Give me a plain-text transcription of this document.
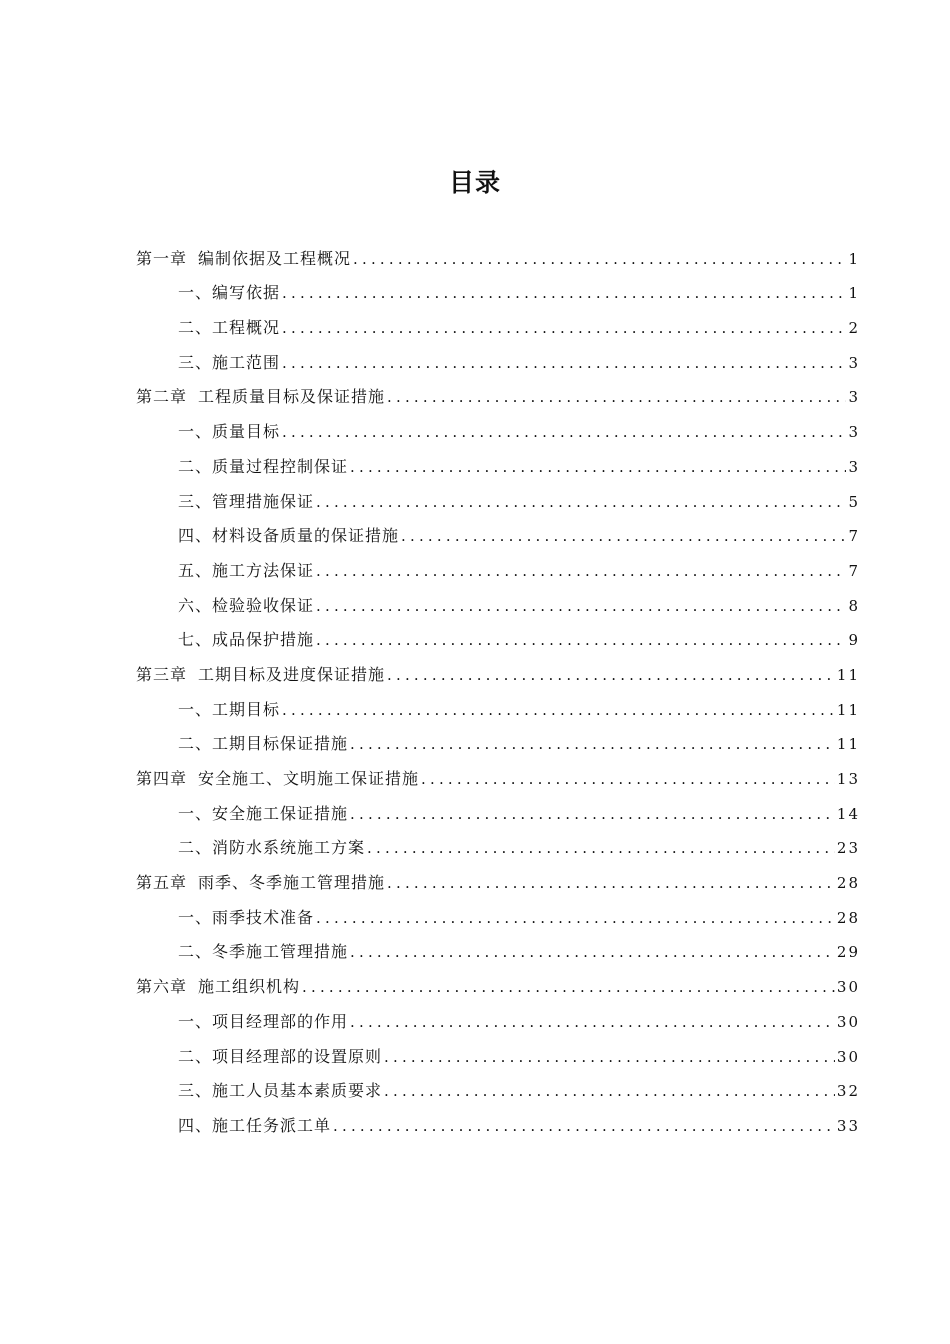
目录
第一章 编制依据及工程概况 .....	1
一、编写依据 .....	1
二、工程概况 .....	2
三、施工范围 .....	3
第二章 工程质量目标及保证措施 .....	3
一、质量目标 .....	3
二、质量过程控制保证 .....	3
三、管理措施保证 .....	5
四、材料设备质量的保证措施 .....	7
五、施工方法保证 .....	7
六、检验验收保证 .....	8
七、成品保护措施 .....	9
第三章 工期目标及进度保证措施 .....	11
一、工期目标 .....	11
二、工期目标保证措施 .....	11
第四章 安全施工、文明施工保证措施 .....	13
一、安全施工保证措施 .....	14
二、消防水系统施工方案 .....	23
第五章 雨季、冬季施工管理措施 .....	28
一、雨季技术准备 .....	28
二、冬季施工管理措施 .....	29
第六章 施工组织机构 .....	30
一、项目经理部的作用 .....	30
二、项目经理部的设置原则 .....	30
三、施工人员基本素质要求 .....	32
四、施工任务派工单 .....	33
